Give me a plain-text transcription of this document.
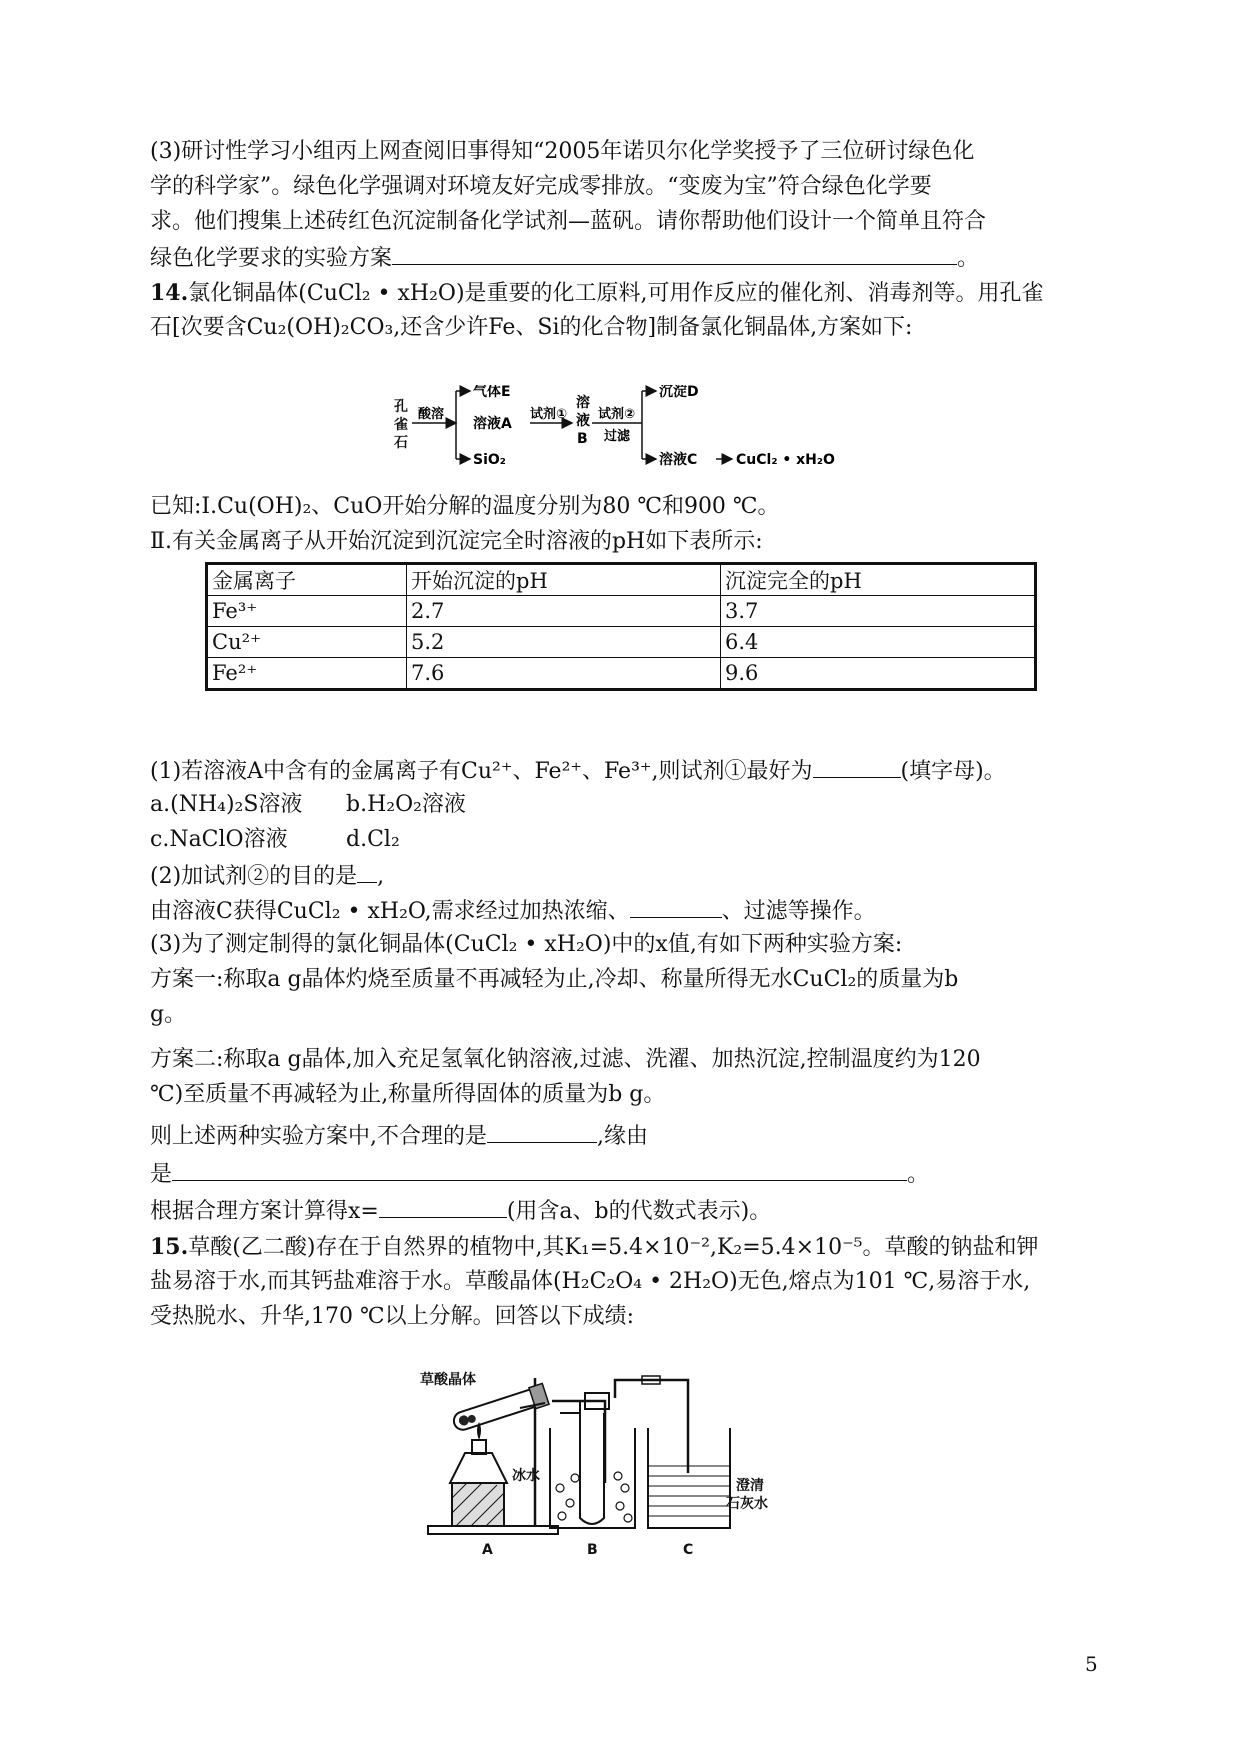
(3)研讨性学习小组丙上网查阅旧事得知“2005年诺贝尔化学奖授予了三位研讨绿色化
学的科学家”。绿色化学强调对环境友好完成零排放。“变废为宝”符合绿色化学要
求。他们搜集上述砖红色沉淀制备化学试剂—蓝矾。请你帮助他们设计一个简单且符合
绿色化学要求的实验方案	。
14.氯化铜晶体(CuCl₂ • xH₂O)是重要的化工原料,可用作反应的催化剂、消毒剂等。用孔雀
石[次要含Cu₂(OH)₂CO₃,还含少许Fe、Si的化合物]制备氯化铜晶体,方案如下:
孔
雀
石
酸溶
气体E
溶液A
SiO₂
试剂①
溶
液
B
试剂②
过滤
沉淀D
溶液C	CuCl₂ • xH₂O
已知:Ⅰ.Cu(OH)₂、CuO开始分解的温度分别为80 ℃和900 ℃。
Ⅱ.有关金属离子从开始沉淀到沉淀完全时溶液的pH如下表所示:
金属离子	开始沉淀的pH	沉淀完全的pH
Fe³⁺	2.7	3.7
Cu²⁺	5.2	6.4
Fe²⁺	7.6	9.6
(1)若溶液A中含有的金属离子有Cu²⁺、Fe²⁺、Fe³⁺,则试剂①最好为	(填字母)。
a.(NH₄)₂S溶液 b.H₂O₂溶液
c.NaClO溶液	d.Cl₂
(2)加试剂②的目的是 ,
由溶液C获得CuCl₂ • xH₂O,需求经过加热浓缩、	、过滤等操作。
(3)为了测定制得的氯化铜晶体(CuCl₂ • xH₂O)中的x值,有如下两种实验方案:
方案一:称取a g晶体灼烧至质量不再减轻为止,冷却、称量所得无水CuCl₂的质量为b
g。
方案二:称取a g晶体,加入充足氢氧化钠溶液,过滤、洗濯、加热沉淀,控制温度约为120
℃)至质量不再减轻为止,称量所得固体的质量为b g。
则上述两种实验方案中,不合理的是	,缘由
是	。
根据合理方案计算得x=	(用含a、b的代数式表示)。
15.草酸(乙二酸)存在于自然界的植物中,其K₁=5.4×10⁻²,K₂=5.4×10⁻⁵。草酸的钠盐和钾
盐易溶于水,而其钙盐难溶于水。草酸晶体(H₂C₂O₄ • 2H₂O)无色,熔点为101 ℃,易溶于水,
受热脱水、升华,170 ℃以上分解。回答以下成绩:
草酸晶体
冰水
澄清
石灰水
A	B	C
5
